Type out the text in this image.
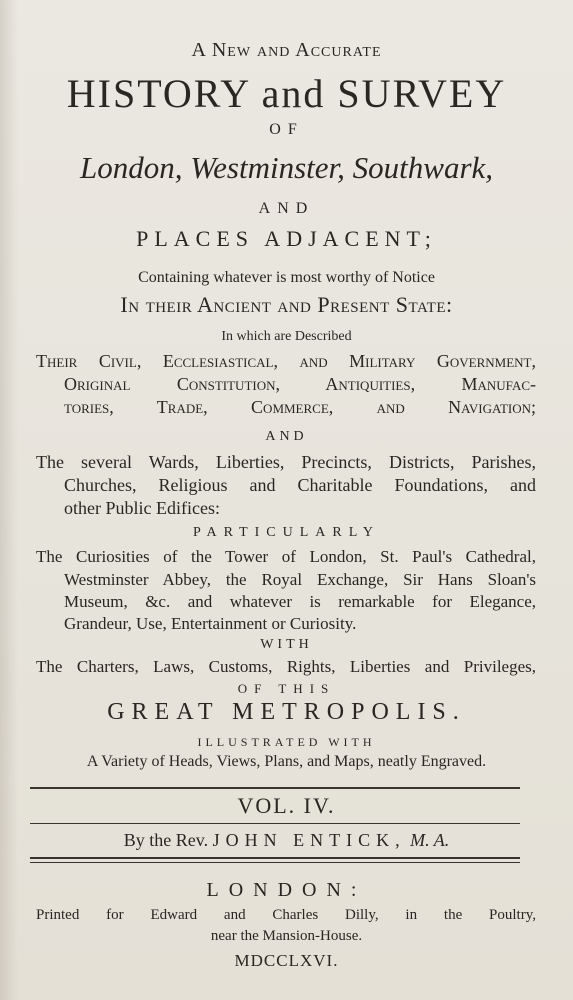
A New and Accurate
HISTORY and SURVEY
OF
London, Westminster, Southwark,
AND
PLACES ADJACENT;
Containing whatever is most worthy of Notice
In their Ancient and Present State:
In which are Described
Their Civil, Ecclesiastical, and Military Government,
Original Constitution, Antiquities, Manufac-
tories, Trade, Commerce, and Navigation;
AND
The several Wards, Liberties, Precincts, Districts, Parishes,
Churches, Religious and Charitable Foundations, and
other Public Edifices:
PARTICULARLY
The Curiosities of the Tower of London, St. Paul's Cathedral,
Westminster Abbey, the Royal Exchange, Sir Hans Sloan's
Museum, &c. and whatever is remarkable for Elegance,
Grandeur, Use, Entertainment or Curiosity.
WITH
The Charters, Laws, Customs, Rights, Liberties and Privileges,
OF THIS
GREAT METROPOLIS.
ILLUSTRATED WITH
A Variety of Heads, Views, Plans, and Maps, neatly Engraved.
VOL. IV.
By the Rev. JOHN ENTICK, M. A.
LONDON:
Printed for Edward and Charles Dilly, in the Poultry,
near the Mansion-House.
MDCCLXVI.
